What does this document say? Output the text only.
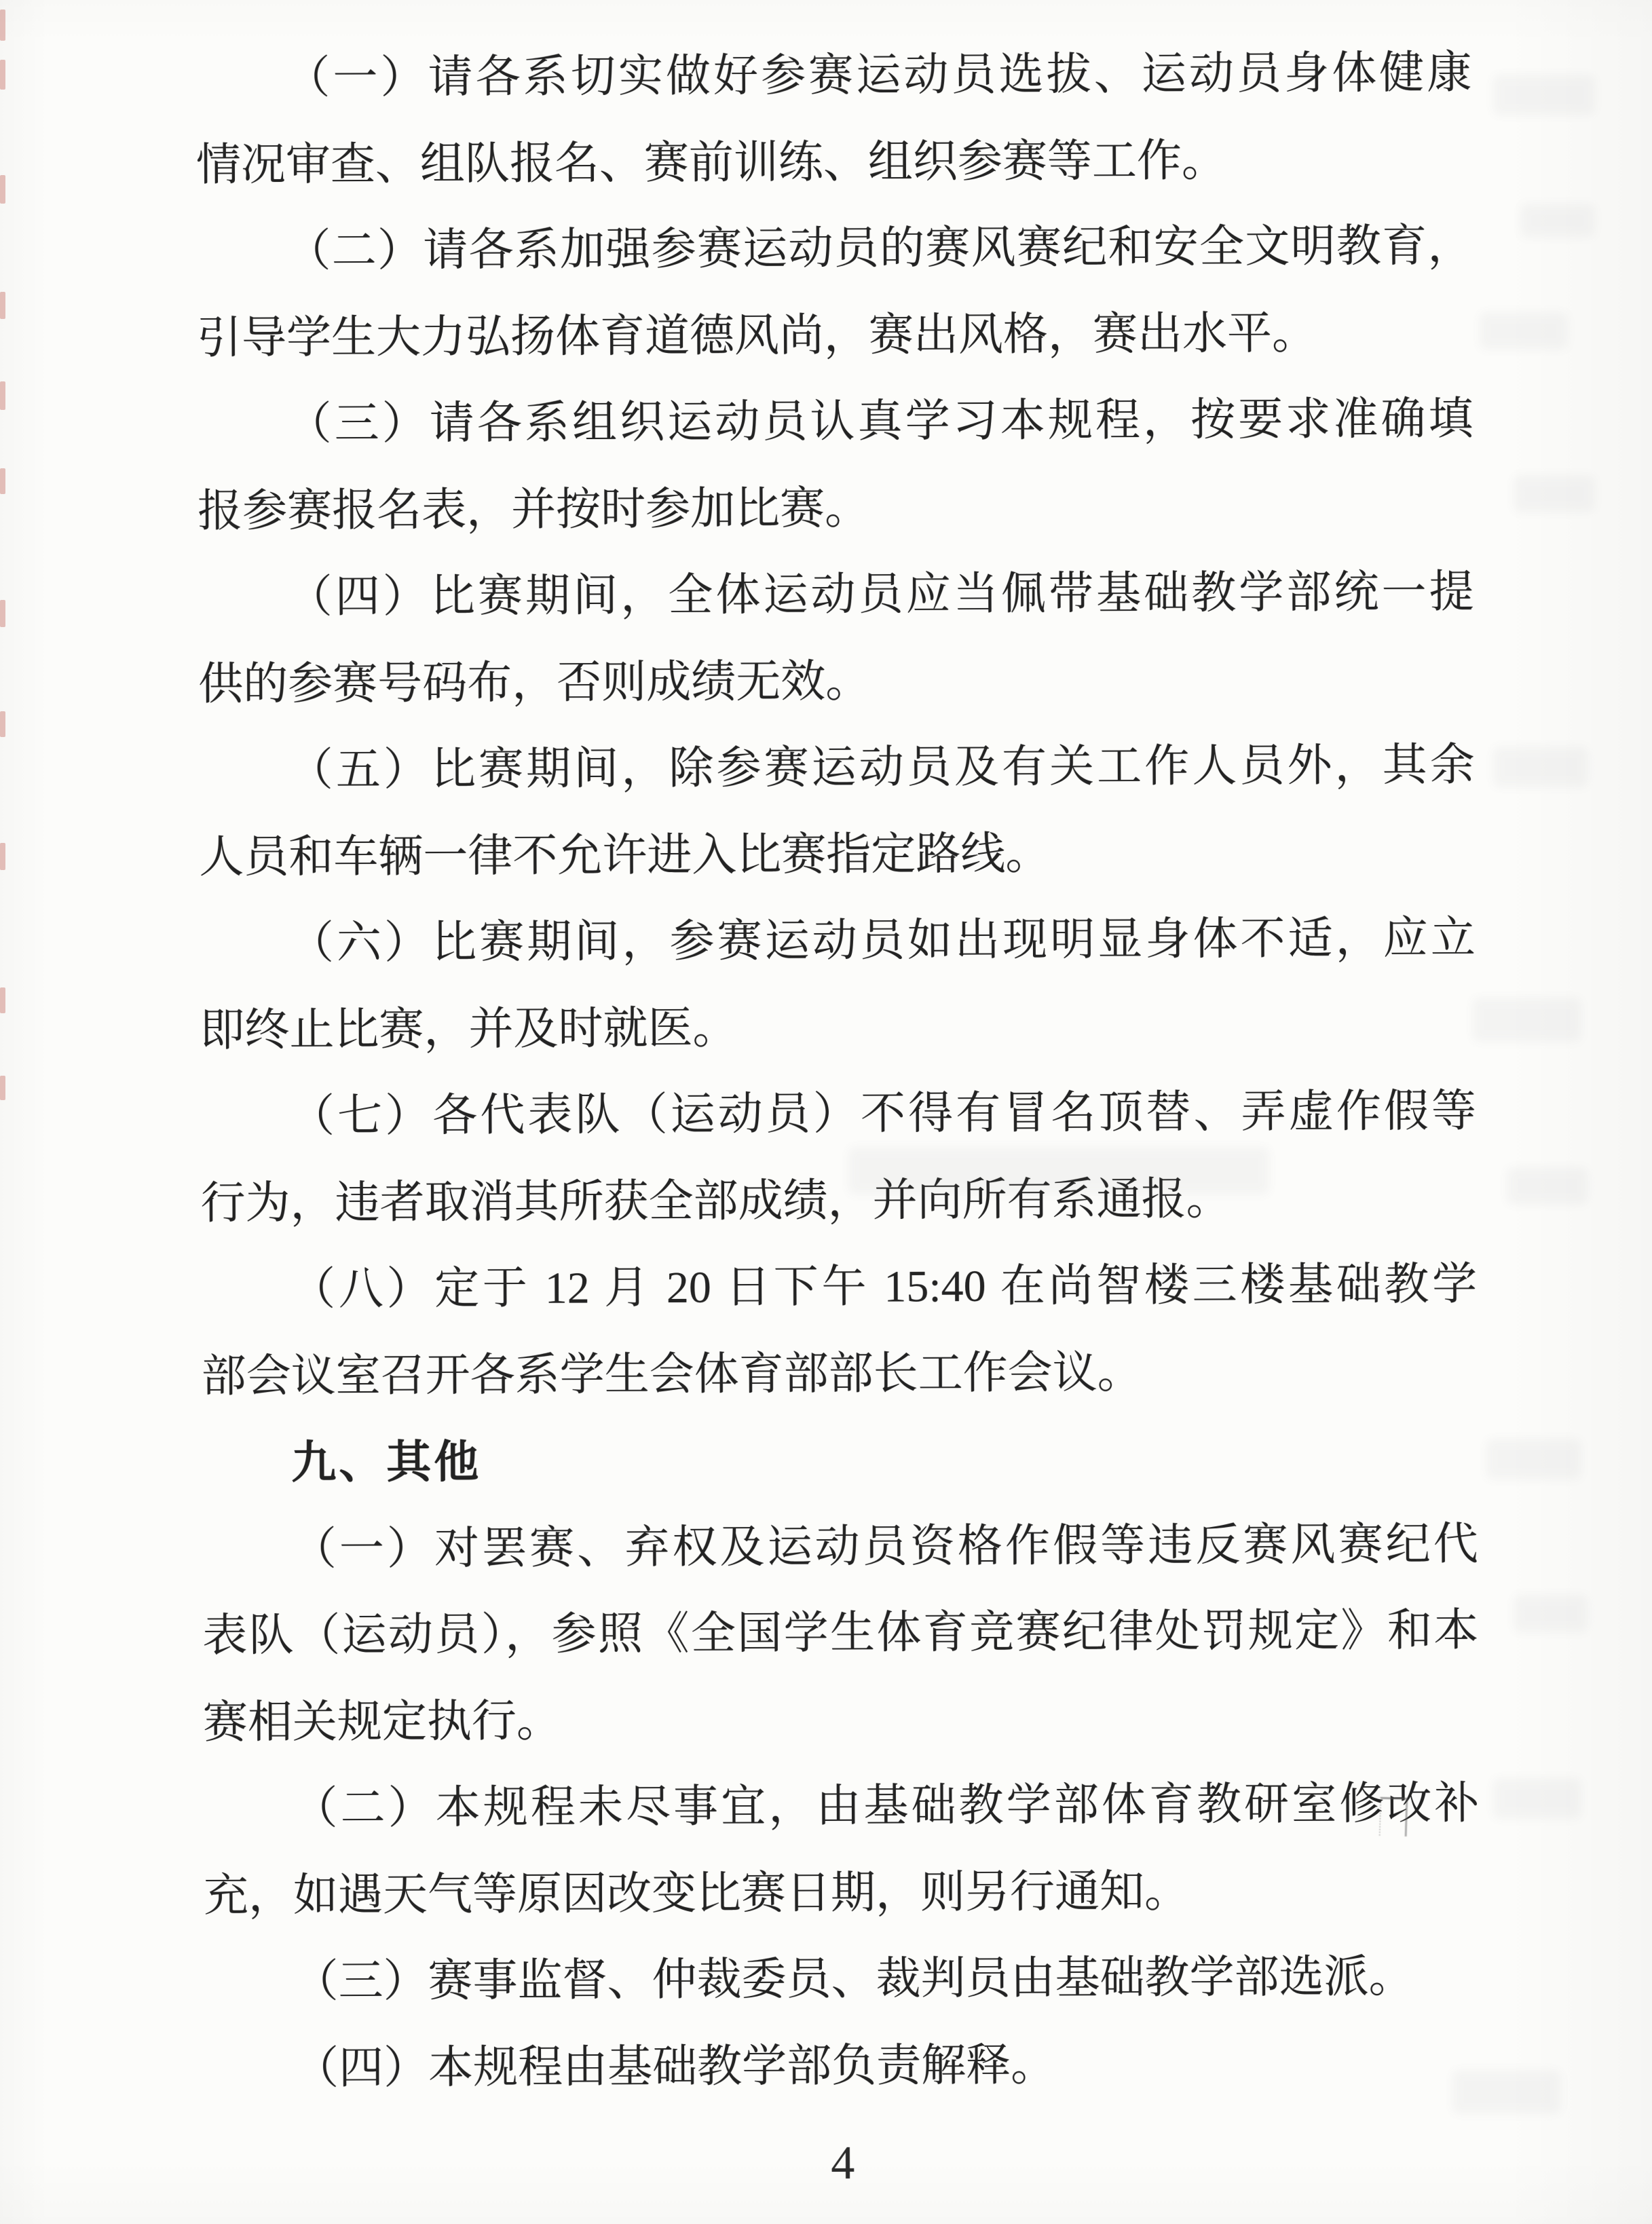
（一）请各系切实做好参赛运动员选拔、运动员身体健康
情况审查、组队报名、赛前训练、组织参赛等工作。
（二）请各系加强参赛运动员的赛风赛纪和安全文明教育，
引导学生大力弘扬体育道德风尚，赛出风格，赛出水平。
（三）请各系组织运动员认真学习本规程，按要求准确填
报参赛报名表，并按时参加比赛。
（四）比赛期间，全体运动员应当佩带基础教学部统一提
供的参赛号码布，否则成绩无效。
（五）比赛期间，除参赛运动员及有关工作人员外，其余
人员和车辆一律不允许进入比赛指定路线。
（六）比赛期间，参赛运动员如出现明显身体不适，应立
即终止比赛，并及时就医。
（七）各代表队（运动员）不得有冒名顶替、弄虚作假等
行为，违者取消其所获全部成绩，并向所有系通报。
（八）定于 12 月 20 日下午 15:40 在尚智楼三楼基础教学
部会议室召开各系学生会体育部部长工作会议。
九、其他
（一）对罢赛、弃权及运动员资格作假等违反赛风赛纪代
表队（运动员），参照《全国学生体育竞赛纪律处罚规定》和本
赛相关规定执行。
（二）本规程未尽事宜，由基础教学部体育教研室修改补
充，如遇天气等原因改变比赛日期，则另行通知。
（三）赛事监督、仲裁委员、裁判员由基础教学部选派。
（四）本规程由基础教学部负责解释。
4
